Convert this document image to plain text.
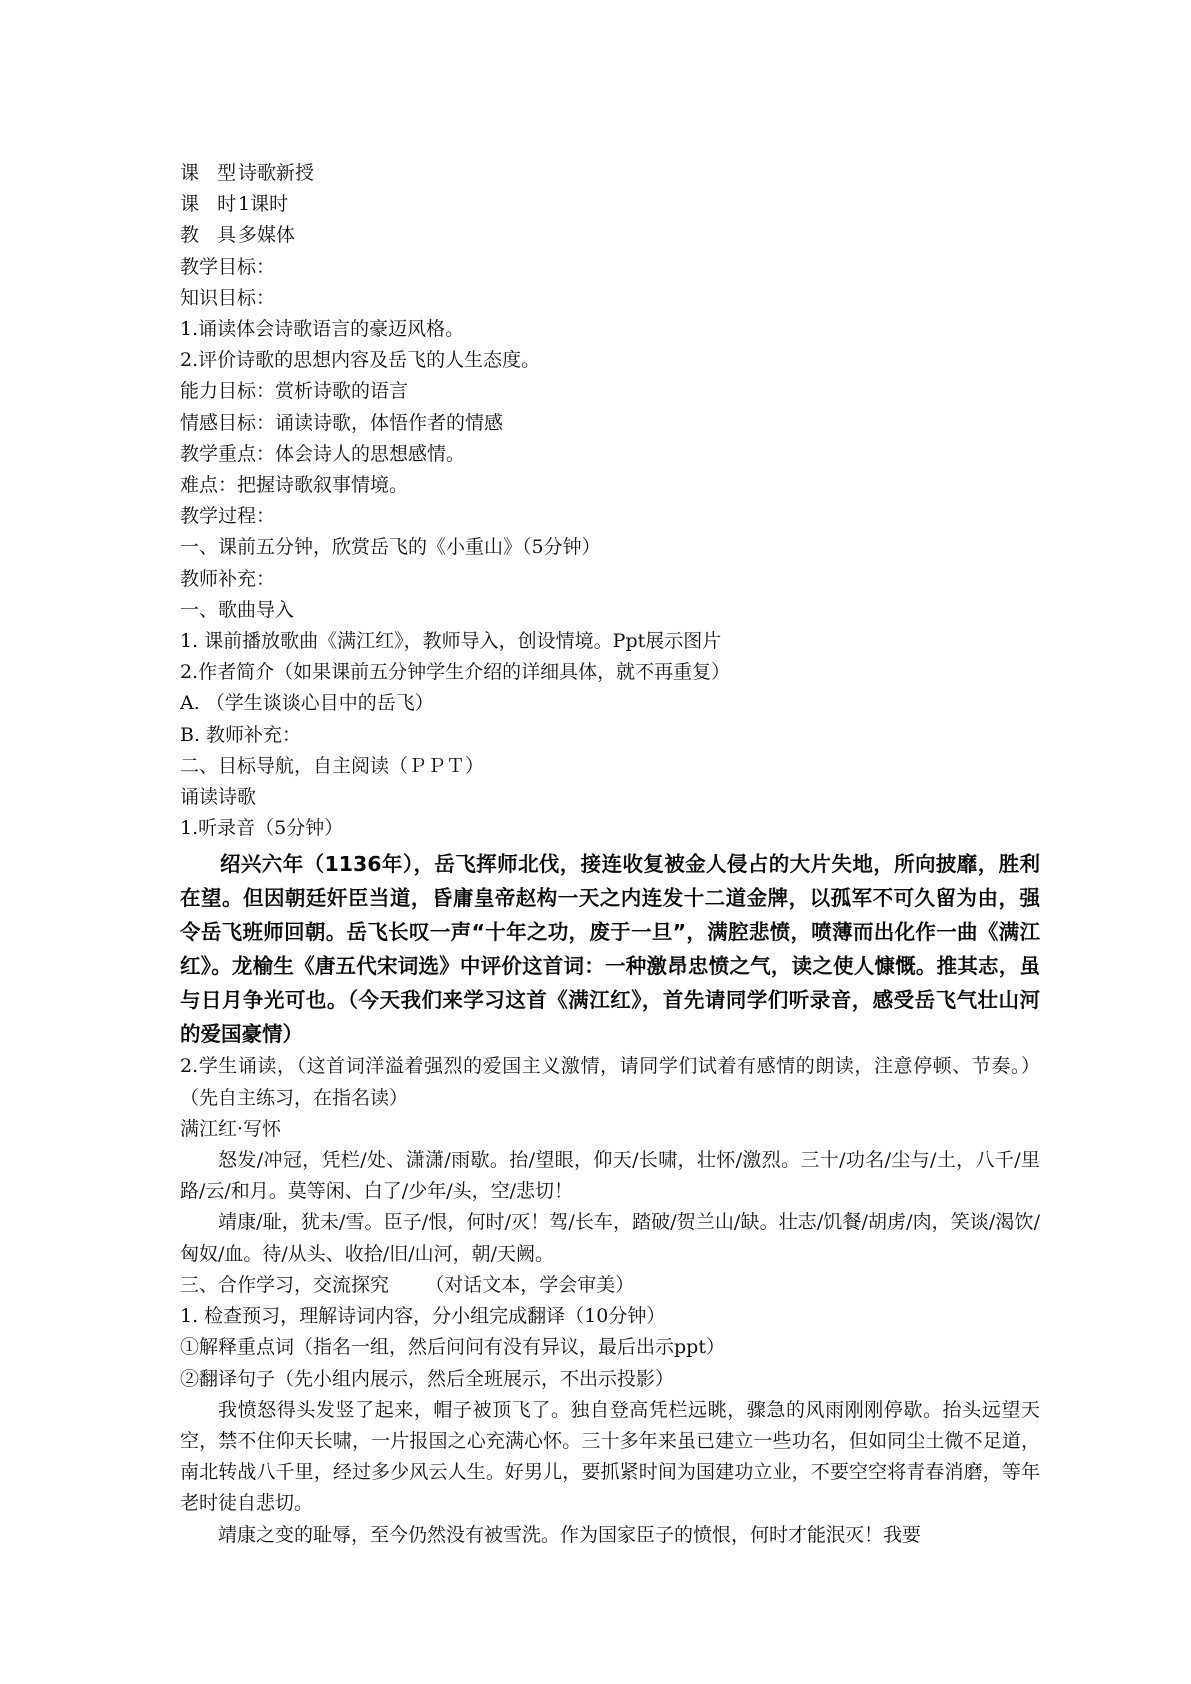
课 型诗歌新授

课 时1课时

教 具多媒体

教学目标：

知识目标：

1.诵读体会诗歌语言的豪迈风格。

2.评价诗歌的思想内容及岳飞的人生态度。

能力目标：赏析诗歌的语言

情感目标：诵读诗歌，体悟作者的情感

教学重点：体会诗人的思想感情。

难点：把握诗歌叙事情境。

教学过程：

一、课前五分钟，欣赏岳飞的《小重山》（5分钟）

教师补充：

一、歌曲导入

1. 课前播放歌曲《满江红》，教师导入，创设情境。Ppt展示图片

2.作者简介（如果课前五分钟学生介绍的详细具体，就不再重复）

A. （学生谈谈心目中的岳飞）

B. 教师补充：

二、目标导航，自主阅读（ＰＰＴ）

诵读诗歌

1.听录音（5分钟）

绍兴六年（1136年），岳飞挥师北伐，接连收复被金人侵占的大片失地，所向披靡，胜利在望。但因朝廷奸臣当道，昏庸皇帝赵构一天之内连发十二道金牌，以孤军不可久留为由，强令岳飞班师回朝。岳飞长叹一声“十年之功，废于一旦”，满腔悲愤，喷薄而出化作一曲《满江红》。龙榆生《唐五代宋词选》中评价这首词：一种激昂忠愤之气，读之使人慷慨。推其志，虽与日月争光可也。（今天我们来学习这首《满江红》，首先请同学们听录音，感受岳飞气壮山河的爱国豪情）

2.学生诵读，（这首词洋溢着强烈的爱国主义激情，请同学们试着有感情的朗读，注意停顿、节奏。）（先自主练习，在指名读）

满江红·写怀

怒发/冲冠，凭栏/处、潇潇/雨歇。抬/望眼，仰天/长啸，壮怀/激烈。三十/功名/尘与/土，八千/里路/云/和月。莫等闲、白了/少年/头，空/悲切！

靖康/耻，犹未/雪。臣子/恨，何时/灭！驾/长车，踏破/贺兰山/缺。壮志/饥餐/胡虏/肉，笑谈/渴饮/匈奴/血。待/从头、收拾/旧/山河，朝/天阙。

三、合作学习，交流探究 （对话文本，学会审美）

1. 检查预习，理解诗词内容，分小组完成翻译（10分钟）

①解释重点词（指名一组，然后问问有没有异议，最后出示ppt）

②翻译句子（先小组内展示，然后全班展示，不出示投影）

我愤怒得头发竖了起来，帽子被顶飞了。独自登高凭栏远眺，骤急的风雨刚刚停歇。抬头远望天空，禁不住仰天长啸，一片报国之心充满心怀。三十多年来虽已建立一些功名，但如同尘土微不足道，南北转战八千里，经过多少风云人生。好男儿，要抓紧时间为国建功立业，不要空空将青春消磨，等年老时徒自悲切。

靖康之变的耻辱，至今仍然没有被雪洗。作为国家臣子的愤恨，何时才能泯灭！我要
